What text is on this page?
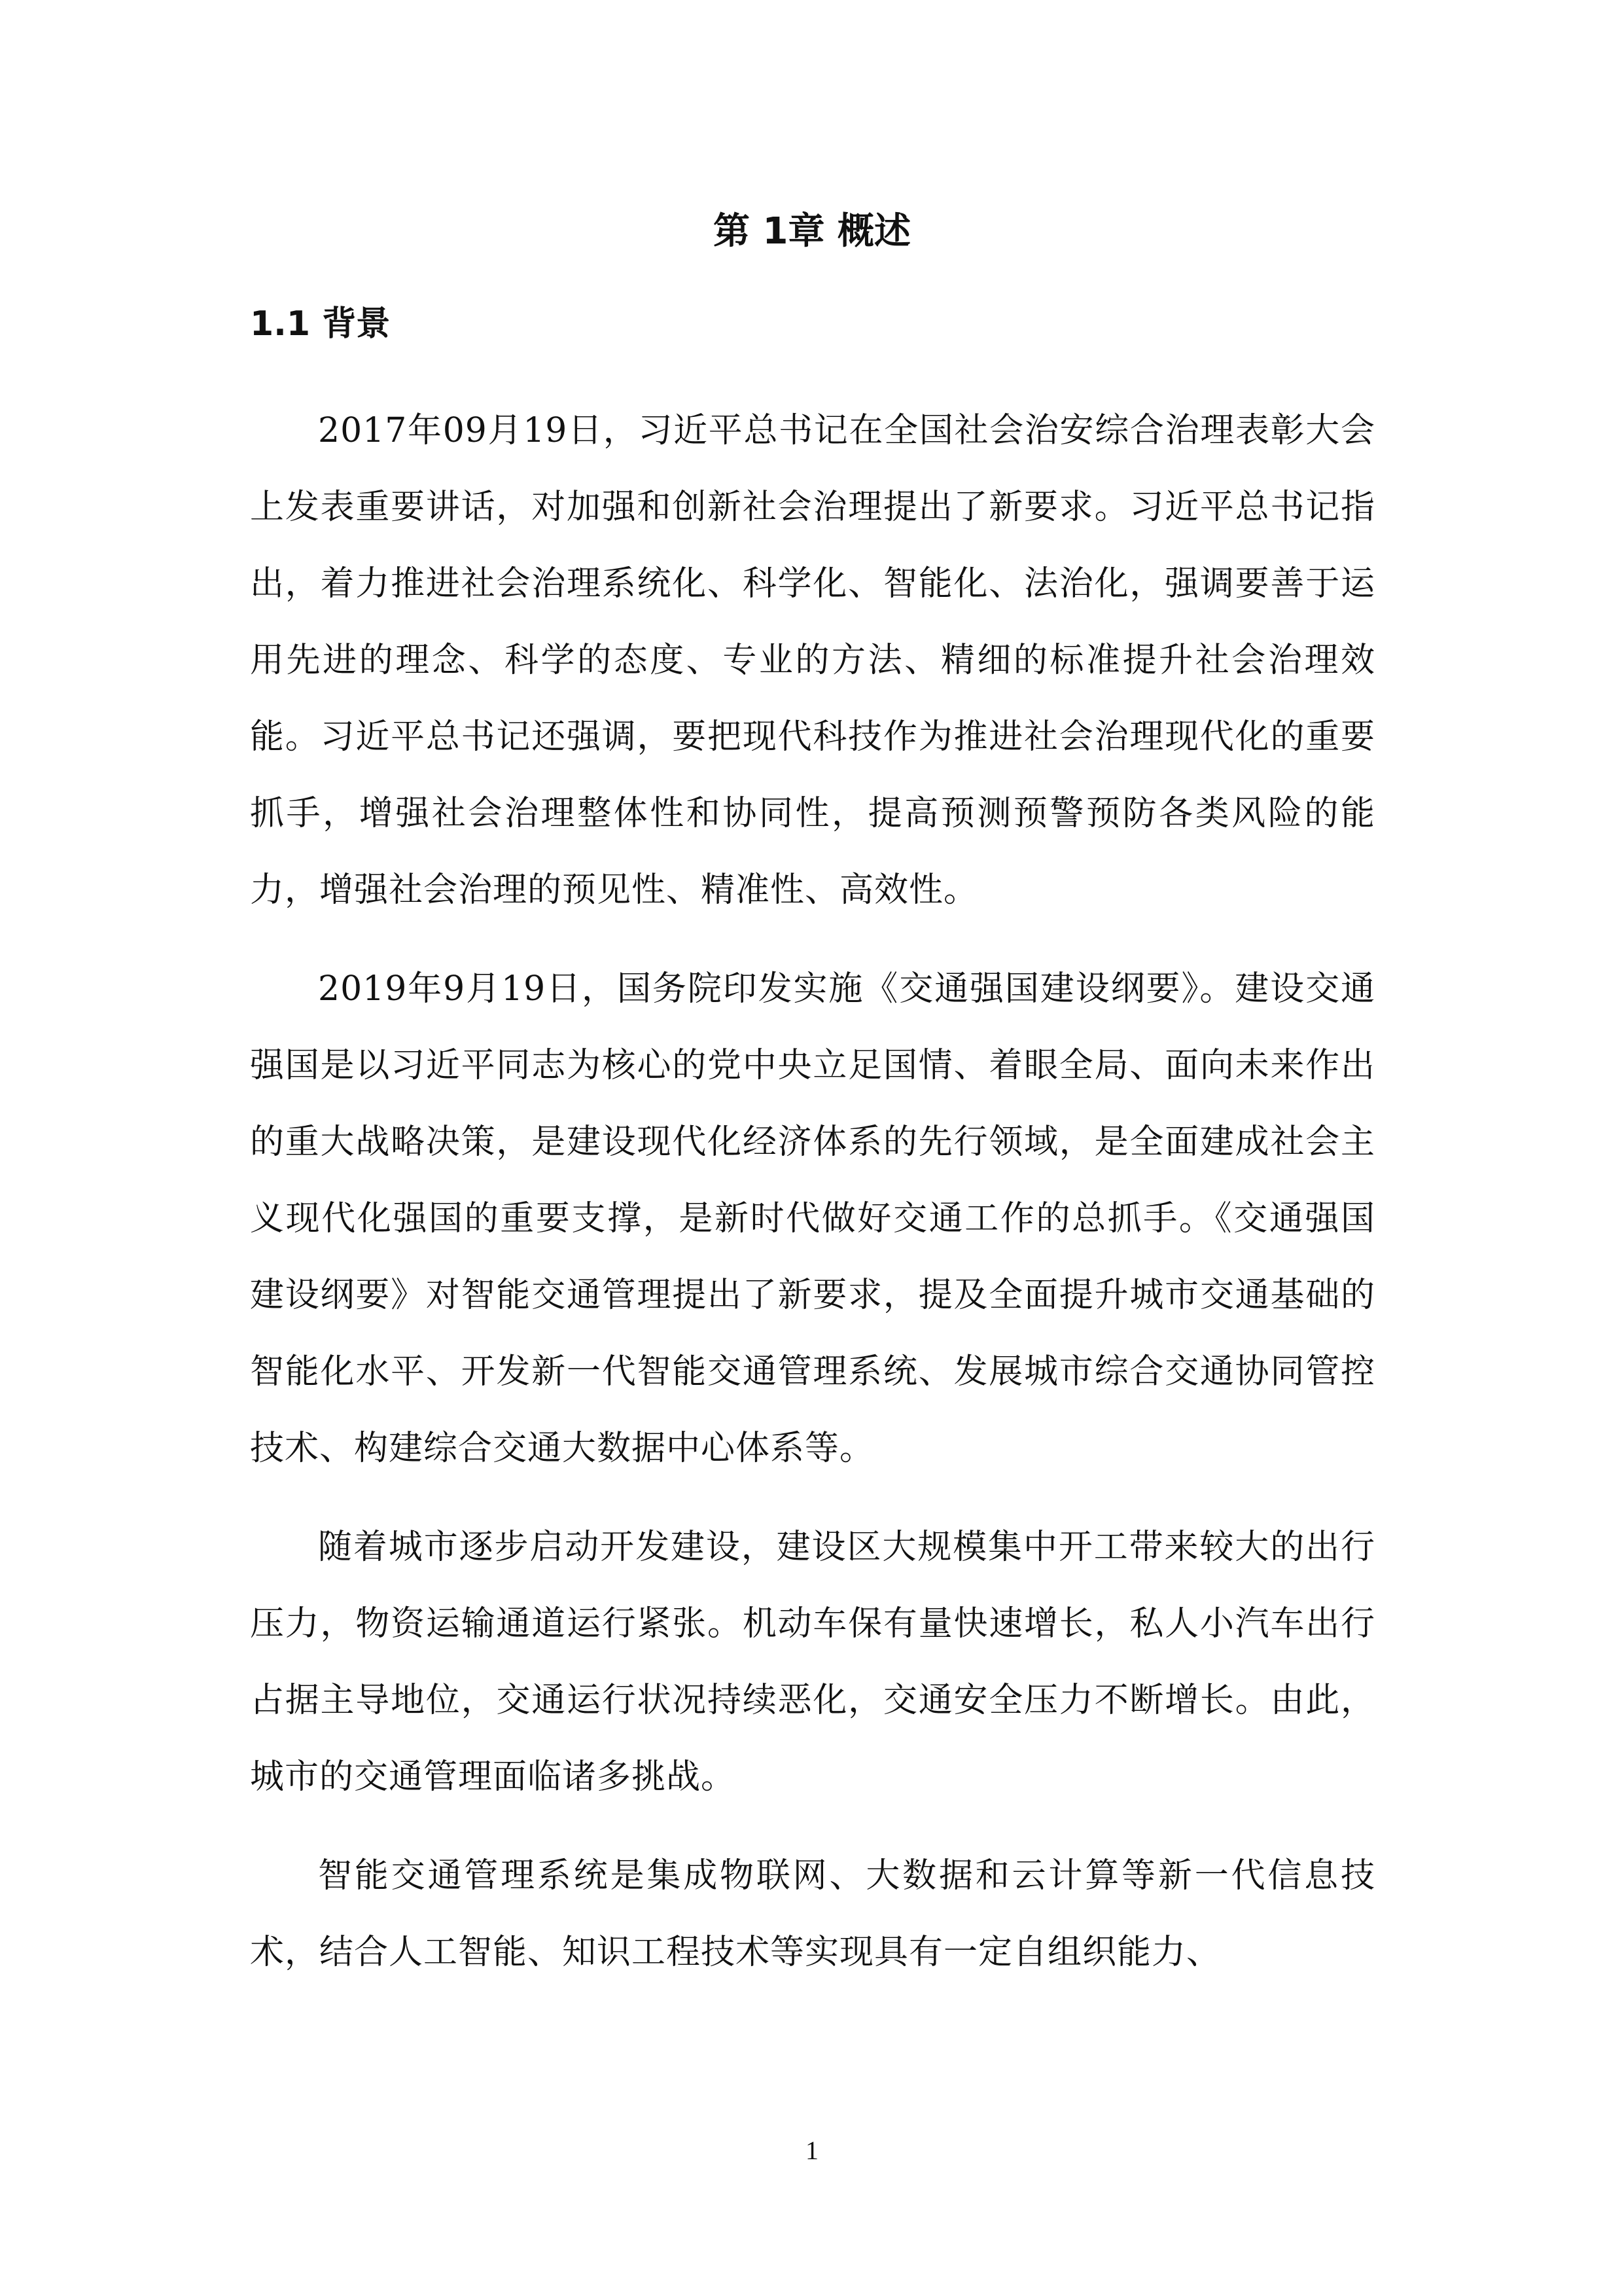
第 1章 概述
1.1 背景

2017年09月19日，习近平总书记在全国社会治安综合治理表彰大会上发表重要讲话，对加强和创新社会治理提出了新要求。习近平总书记指出，着力推进社会治理系统化、科学化、智能化、法治化，强调要善于运用先进的理念、科学的态度、专业的方法、精细的标准提升社会治理效能。习近平总书记还强调，要把现代科技作为推进社会治理现代化的重要抓手，增强社会治理整体性和协同性，提高预测预警预防各类风险的能力，增强社会治理的预见性、精准性、高效性。

2019年9月19日，国务院印发实施《交通强国建设纲要》。建设交通强国是以习近平同志为核心的党中央立足国情、着眼全局、面向未来作出的重大战略决策，是建设现代化经济体系的先行领域，是全面建成社会主义现代化强国的重要支撑，是新时代做好交通工作的总抓手。《交通强国建设纲要》对智能交通管理提出了新要求，提及全面提升城市交通基础的智能化水平、开发新一代智能交通管理系统、发展城市综合交通协同管控技术、构建综合交通大数据中心体系等。

随着城市逐步启动开发建设，建设区大规模集中开工带来较大的出行压力，物资运输通道运行紧张。机动车保有量快速增长，私人小汽车出行占据主导地位，交通运行状况持续恶化，交通安全压力不断增长。由此，城市的交通管理面临诸多挑战。

智能交通管理系统是集成物联网、大数据和云计算等新一代信息技术，结合人工智能、知识工程技术等实现具有一定自组织能力、

1
